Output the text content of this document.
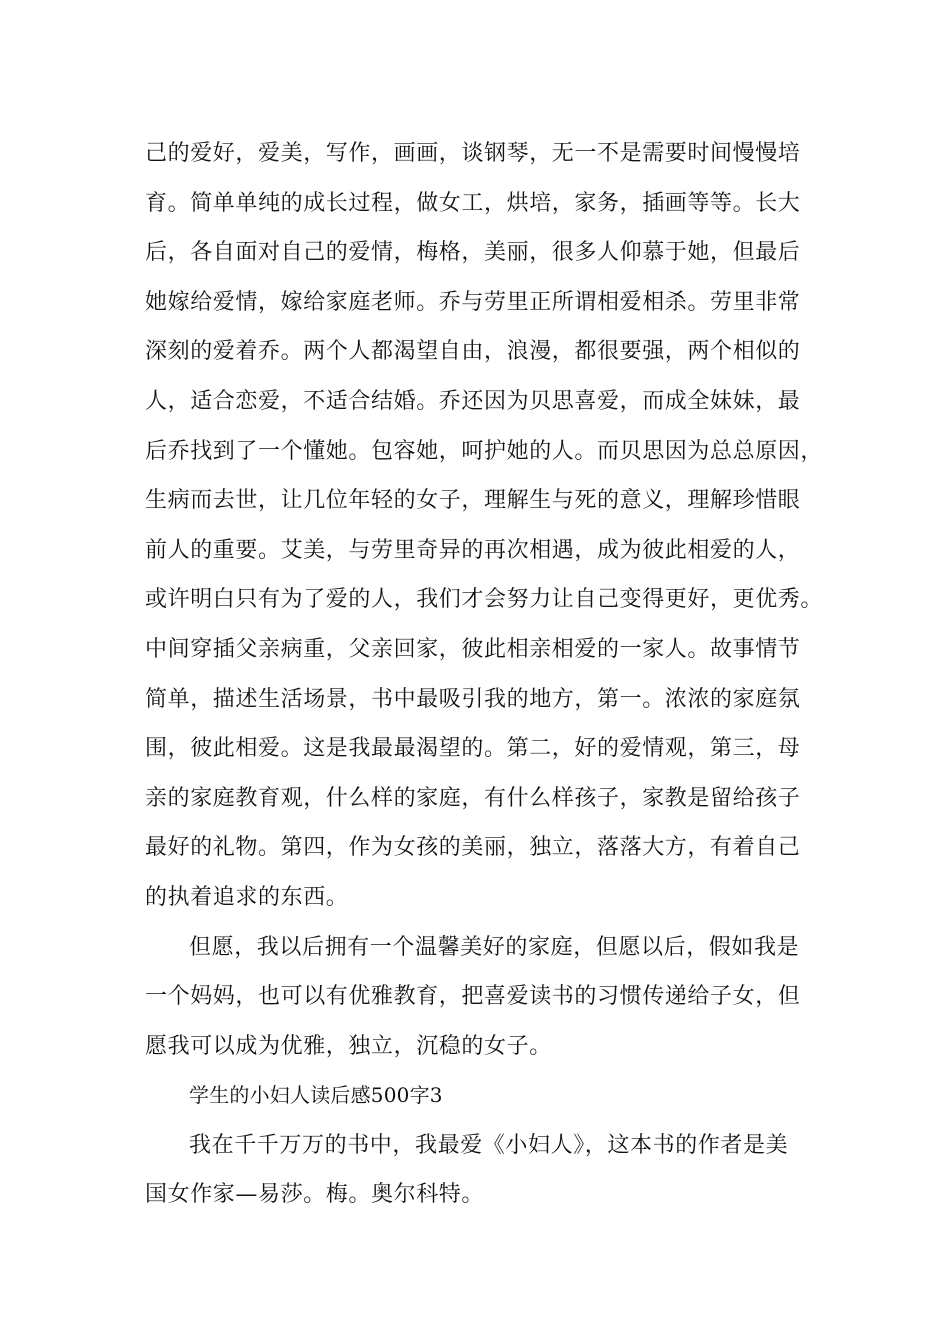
己的爱好，爱美，写作，画画，谈钢琴，无一不是需要时间慢慢培
育。简单单纯的成长过程，做女工，烘培，家务，插画等等。长大
后，各自面对自己的爱情，梅格，美丽，很多人仰慕于她，但最后
她嫁给爱情，嫁给家庭老师。乔与劳里正所谓相爱相杀。劳里非常
深刻的爱着乔。两个人都渴望自由，浪漫，都很要强，两个相似的
人，适合恋爱，不适合结婚。乔还因为贝思喜爱，而成全妹妹，最
后乔找到了一个懂她。包容她，呵护她的人。而贝思因为总总原因，
生病而去世，让几位年轻的女子，理解生与死的意义，理解珍惜眼
前人的重要。艾美，与劳里奇异的再次相遇，成为彼此相爱的人，
或许明白只有为了爱的人，我们才会努力让自己变得更好，更优秀。
中间穿插父亲病重，父亲回家，彼此相亲相爱的一家人。故事情节
简单，描述生活场景，书中最吸引我的地方，第一。浓浓的家庭氛
围，彼此相爱。这是我最最渴望的。第二，好的爱情观，第三，母
亲的家庭教育观，什么样的家庭，有什么样孩子，家教是留给孩子
最好的礼物。第四，作为女孩的美丽，独立，落落大方，有着自己
的执着追求的东西。
但愿，我以后拥有一个温馨美好的家庭，但愿以后，假如我是
一个妈妈，也可以有优雅教育，把喜爱读书的习惯传递给子女，但
愿我可以成为优雅，独立，沉稳的女子。
学生的小妇人读后感500字3
我在千千万万的书中，我最爱《小妇人》，这本书的作者是美
国女作家—易莎。梅。奥尔科特。
